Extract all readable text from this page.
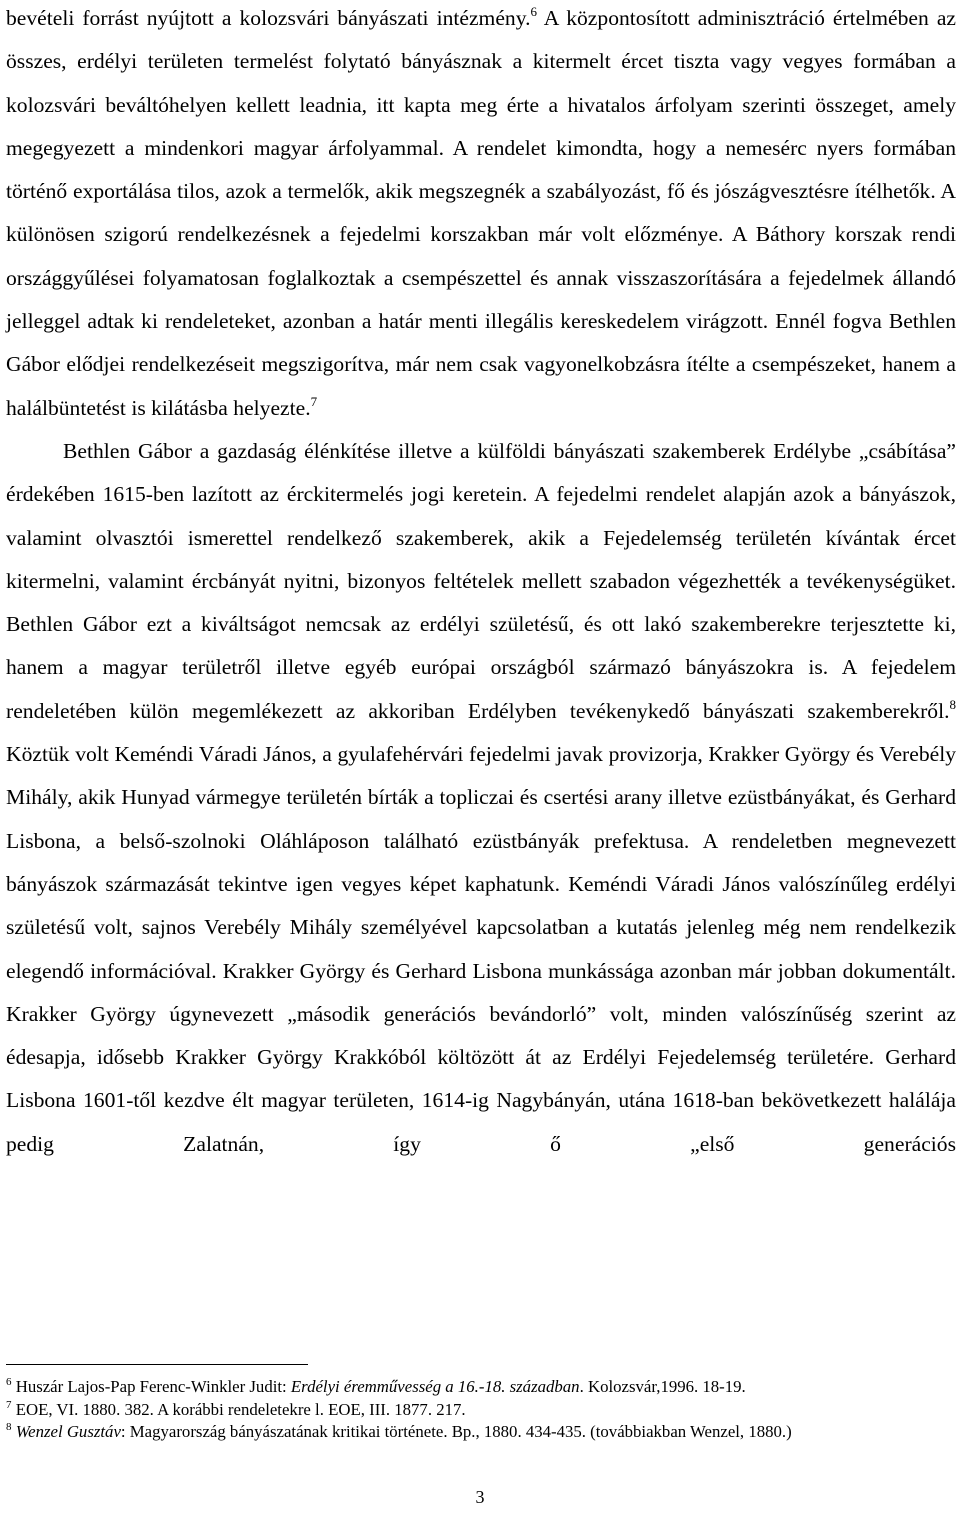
bevételi forrást nyújtott a kolozsvári bányászati intézmény.$^6$ A központosított adminisztráció értelmében az összes, erdélyi területen termelést folytató bányásznak a kitermelt ércet tiszta vagy vegyes formában a kolozsvári beváltóhelyen kellett leadnia, itt kapta meg érte a hivatalos árfolyam szerinti összeget, amely megegyezett a mindenkori magyar árfolyammal. A rendelet kimondta, hogy a nemesérc nyers formában történő exportálása tilos, azok a termelők, akik megszegnék a szabályozást, fő és jószágvesztésre ítélhetők. A különösen szigorú rendelkezésnek a fejedelmi korszakban már volt előzménye. A Báthory korszak rendi országgyűlései folyamatosan foglalkoztak a csempészettel és annak visszaszorítására a fejedelmek állandó jelleggel adtak ki rendeleteket, azonban a határ menti illegális kereskedelem virágzott. Ennél fogva Bethlen Gábor elődjei rendelkezéseit megszigorítva, már nem csak vagyonelkobzásra ítélte a csempészeket, hanem a halálbüntetést is kilátásba helyezte.$^7$

Bethlen Gábor a gazdaság élénkítése illetve a külföldi bányászati szakemberek Erdélybe „csábítása” érdekében 1615-ben lazított az érckitermelés jogi keretein. A fejedelmi rendelet alapján azok a bányászok, valamint olvasztói ismerettel rendelkező szakemberek, akik a Fejedelemség területén kívántak ércet kitermelni, valamint ércbányát nyitni, bizonyos feltételek mellett szabadon végezhették a tevékenységüket. Bethlen Gábor ezt a kiváltságot nemcsak az erdélyi születésű, és ott lakó szakemberekre terjesztette ki, hanem a magyar területről illetve egyéb európai országból származó bányászokra is. A fejedelem rendeletében külön megemlékezett az akkoriban Erdélyben tevékenykedő bányászati szakemberekről.$^8$ Köztük volt Keméndi Váradi János, a gyulafehérvári fejedelmi javak provizorja, Krakker György és Verebély Mihály, akik Hunyad vármegye területén bírták a topliczai és csertési arany illetve ezüstbányákat, és Gerhard Lisbona, a belső-szolnoki Oláhláposon található ezüstbányák prefektusa. A rendeletben megnevezett bányászok származását tekintve igen vegyes képet kaphatunk. Keméndi Váradi János valószínűleg erdélyi születésű volt, sajnos Verebély Mihály személyével kapcsolatban a kutatás jelenleg még nem rendelkezik elegendő információval. Krakker György és Gerhard Lisbona munkássága azonban már jobban dokumentált. Krakker György úgynevezett „második generációs bevándorló” volt, minden valószínűség szerint az édesapja, idősebb Krakker György Krakkóból költözött át az Erdélyi Fejedelemség területére. Gerhard Lisbona 1601-től kezdve élt magyar területen, 1614-ig Nagybányán, utána 1618-ban bekövetkezett halálája pedig Zalatnán, így ő „első generációs

$^6$ Huszár Lajos-Pap Ferenc-Winkler Judit: Erdélyi éremművesség a 16.-18. században. Kolozsvár,1996. 18-19.

$^7$ EOE, VI. 1880. 382. A korábbi rendeletekre l. EOE, III. 1877. 217.

$^8$ Wenzel Gusztáv: Magyarország bányászatának kritikai története. Bp., 1880. 434-435. (továbbiakban Wenzel, 1880.)

3
